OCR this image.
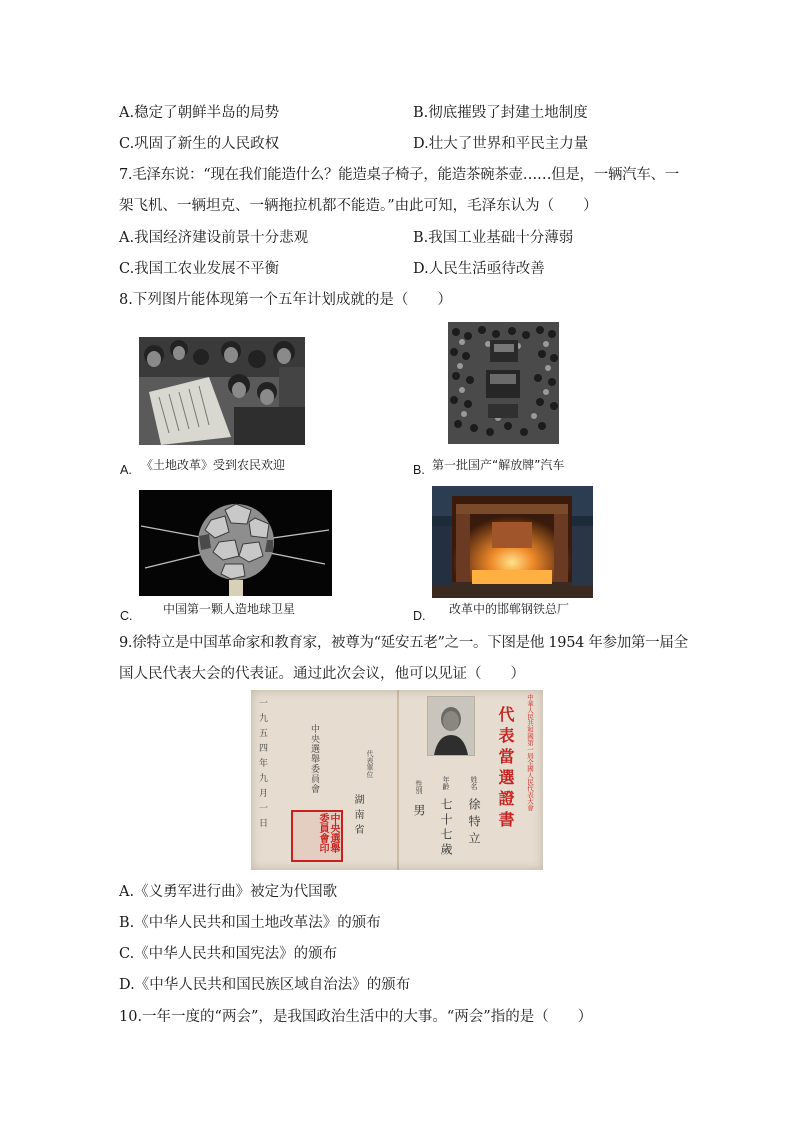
A.稳定了朝鲜半岛的局势	B.彻底摧毁了封建土地制度
C.巩固了新生的人民政权	D.壮大了世界和平民主力量
7.毛泽东说：“现在我们能造什么？能造桌子椅子，能造茶碗茶壶……但是，一辆汽车、一
架飞机、一辆坦克、一辆拖拉机都不能造。”由此可知，毛泽东认为（　　）
A.我国经济建设前景十分悲观	B.我国工业基础十分薄弱
C.我国工农业发展不平衡	D.人民生活亟待改善
8.下列图片能体现第一个五年计划成就的是（　　）
A. 《土地改革》受到农民欢迎	B. 第一批国产“解放牌”汽车
C.	中国第一颗人造地球卫星	D. 改革中的邯郸钢铁总厂
9.徐特立是中国革命家和教育家，被尊为“延安五老”之一。下图是他 1954 年参加第一届全
国人民代表大会的代表证。通过此次会议，他可以见证（　　）
一九五四年九月一日	中央選舉委員會	代表單位
湖南省
中央選舉委員會印
中華人民共和國第一屆全國人民代表大會
代表當選證書
姓名
徐特立
年齡
七十七歲
性別
男
A.《义勇军进行曲》被定为代国歌
B.《中华人民共和国土地改革法》的颁布
C.《中华人民共和国宪法》的颁布
D.《中华人民共和国民族区域自治法》的颁布
10.一年一度的“两会”，是我国政治生活中的大事。“两会”指的是（　　）
